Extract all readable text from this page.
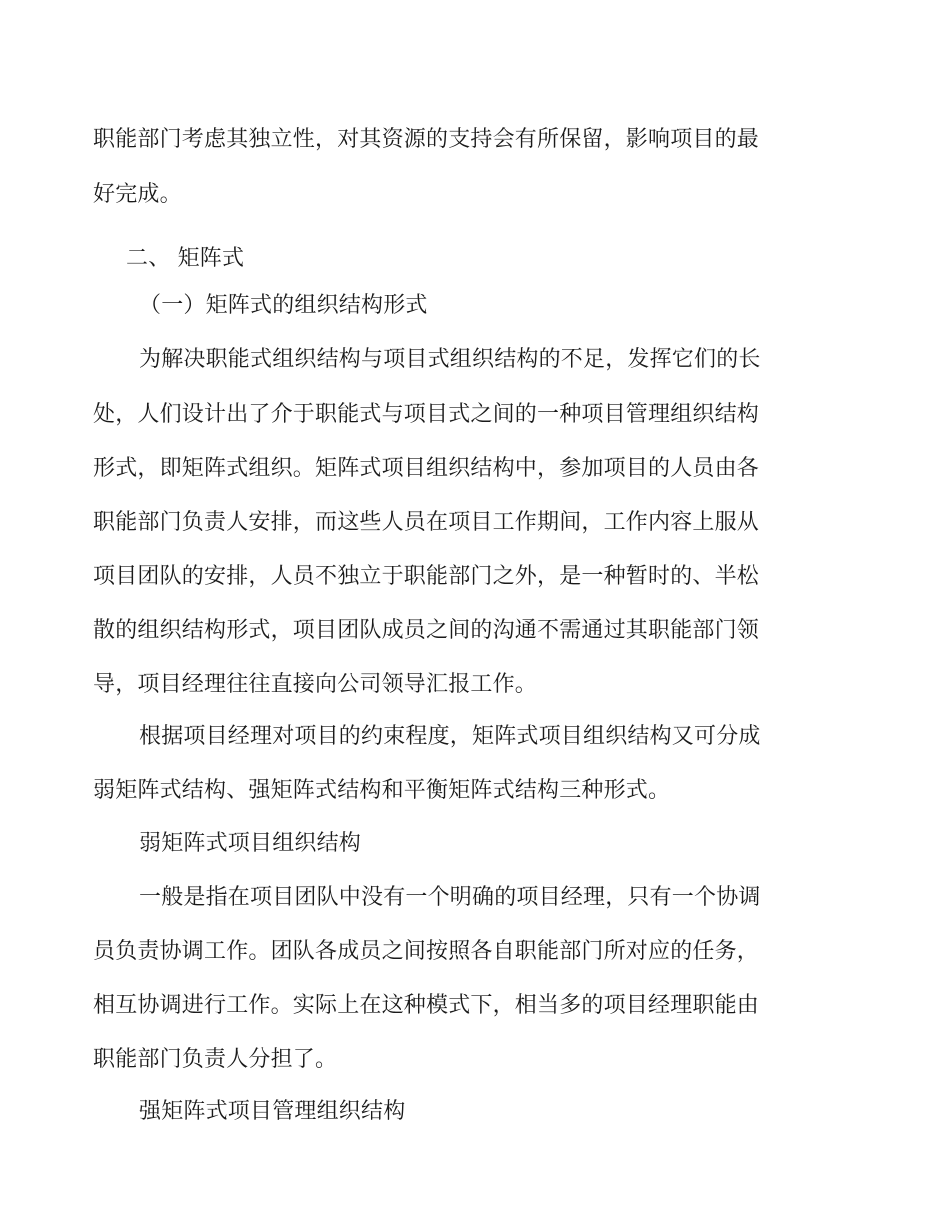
职能部门考虑其独立性，对其资源的支持会有所保留，影响项目的最
好完成。
二、 矩阵式
（一）矩阵式的组织结构形式
为解决职能式组织结构与项目式组织结构的不足，发挥它们的长
处，人们设计出了介于职能式与项目式之间的一种项目管理组织结构
形式，即矩阵式组织。矩阵式项目组织结构中，参加项目的人员由各
职能部门负责人安排，而这些人员在项目工作期间，工作内容上服从
项目团队的安排，人员不独立于职能部门之外，是一种暂时的、半松
散的组织结构形式，项目团队成员之间的沟通不需通过其职能部门领
导，项目经理往往直接向公司领导汇报工作。
根据项目经理对项目的约束程度，矩阵式项目组织结构又可分成
弱矩阵式结构、强矩阵式结构和平衡矩阵式结构三种形式。
弱矩阵式项目组织结构
一般是指在项目团队中没有一个明确的项目经理，只有一个协调
员负责协调工作。团队各成员之间按照各自职能部门所对应的任务，
相互协调进行工作。实际上在这种模式下，相当多的项目经理职能由
职能部门负责人分担了。
强矩阵式项目管理组织结构
